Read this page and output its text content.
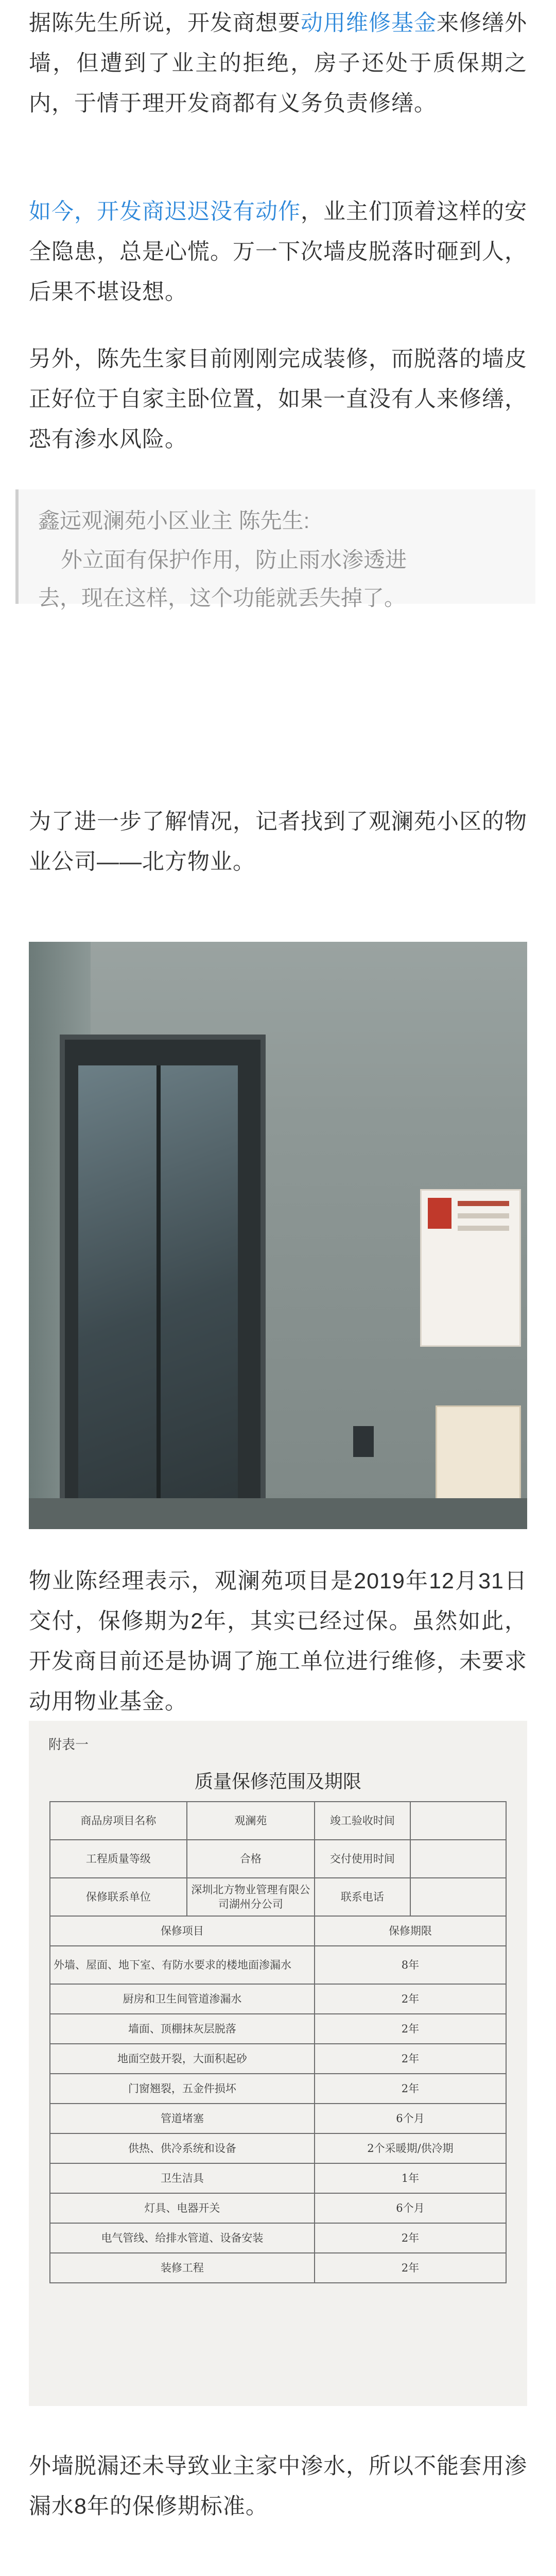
据陈先生所说，开发商想要动用维修基金来修缮外墙，但遭到了业主的拒绝，房子还处于质保期之内，于情于理开发商都有义务负责修缮。

如今，开发商迟迟没有动作，业主们顶着这样的安全隐患，总是心慌。万一下次墙皮脱落时砸到人，后果不堪设想。

另外，陈先生家目前刚刚完成装修，而脱落的墙皮正好位于自家主卧位置，如果一直没有人来修缮，恐有渗水风险。

鑫远观澜苑小区业主 陈先生:
外立面有保护作用，防止雨水渗透进
去，现在这样，这个功能就丢失掉了。

为了进一步了解情况，记者找到了观澜苑小区的物业公司——北方物业。

物业陈经理表示，观澜苑项目是2019年12月31日交付，保修期为2年，其实已经过保。虽然如此，开发商目前还是协调了施工单位进行维修，未要求动用物业基金。

附表一
质量保修范围及期限
商品房项目名称	观澜苑	竣工验收时间	
工程质量等级	合格	交付使用时间	
保修联系单位	深圳北方物业管理有限公司湖州分公司	联系电话	
保修项目		保修期限	
外墙、屋面、地下室、有防水要求的楼地面渗漏水		8年	
厨房和卫生间管道渗漏水		2年	
墙面、顶棚抹灰层脱落		2年	
地面空鼓开裂，大面积起砂		2年	
门窗翘裂，五金件损坏		2年	
管道堵塞		6个月	
供热、供冷系统和设备		2个采暖期/供冷期	
卫生洁具		1年	
灯具、电器开关		6个月	
电气管线、给排水管道、设备安装		2年	
装修工程		2年	

外墙脱漏还未导致业主家中渗水，所以不能套用渗漏水8年的保修期标准。
